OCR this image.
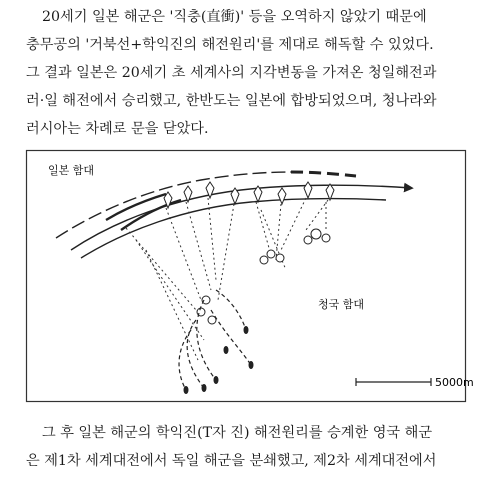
20세기 일본 해군은 '직충(直衝)' 등을 오역하지 않았기 때문에
충무공의 '거북선+학익진의 해전원리'를 제대로 해독할 수 있었다.
그 결과 일본은 20세기 초 세계사의 지각변동을 가져온 청일해전과
러·일 해전에서 승리했고, 한반도는 일본에 합방되었으며, 청나라와
러시아는 차례로 문을 닫았다.
일본 함대
청국 함대
5000m
그 후 일본 해군의 학익진(T자 진) 해전원리를 승계한 영국 해군
은 제1차 세계대전에서 독일 해군을 분쇄했고, 제2차 세계대전에서
